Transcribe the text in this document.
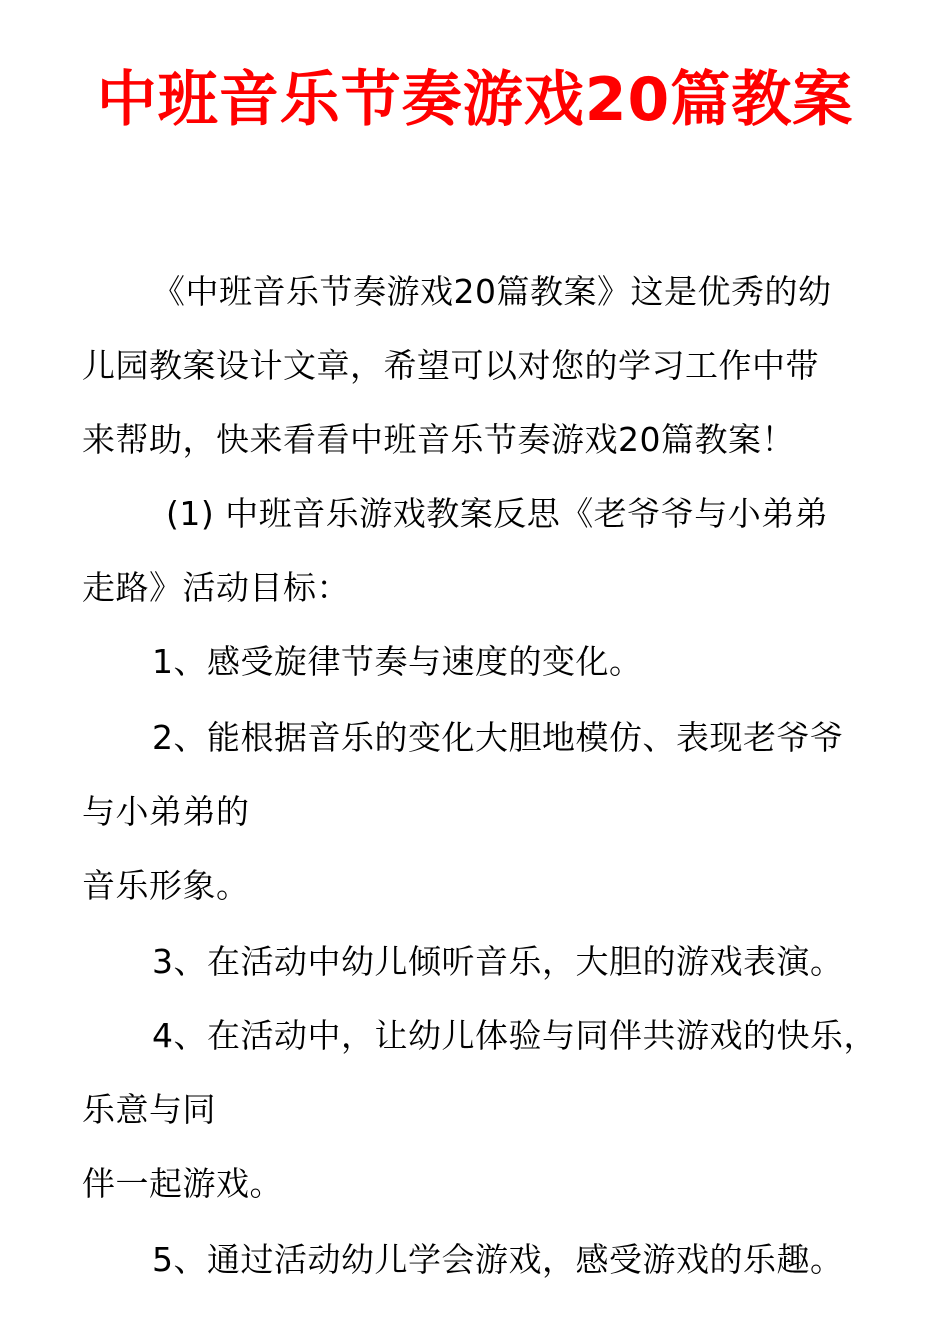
中班音乐节奏游戏20篇教案
《中班音乐节奏游戏20篇教案》这是优秀的幼
儿园教案设计文章，希望可以对您的学习工作中带
来帮助，快来看看中班音乐节奏游戏20篇教案！
(1) 中班音乐游戏教案反思《老爷爷与小弟弟
走路》活动目标：
1、感受旋律节奏与速度的变化。
2、能根据音乐的变化大胆地模仿、表现老爷爷
与小弟弟的
音乐形象。
3、在活动中幼儿倾听音乐，大胆的游戏表演。
4、在活动中，让幼儿体验与同伴共游戏的快乐，
乐意与同
伴一起游戏。
5、通过活动幼儿学会游戏，感受游戏的乐趣。
